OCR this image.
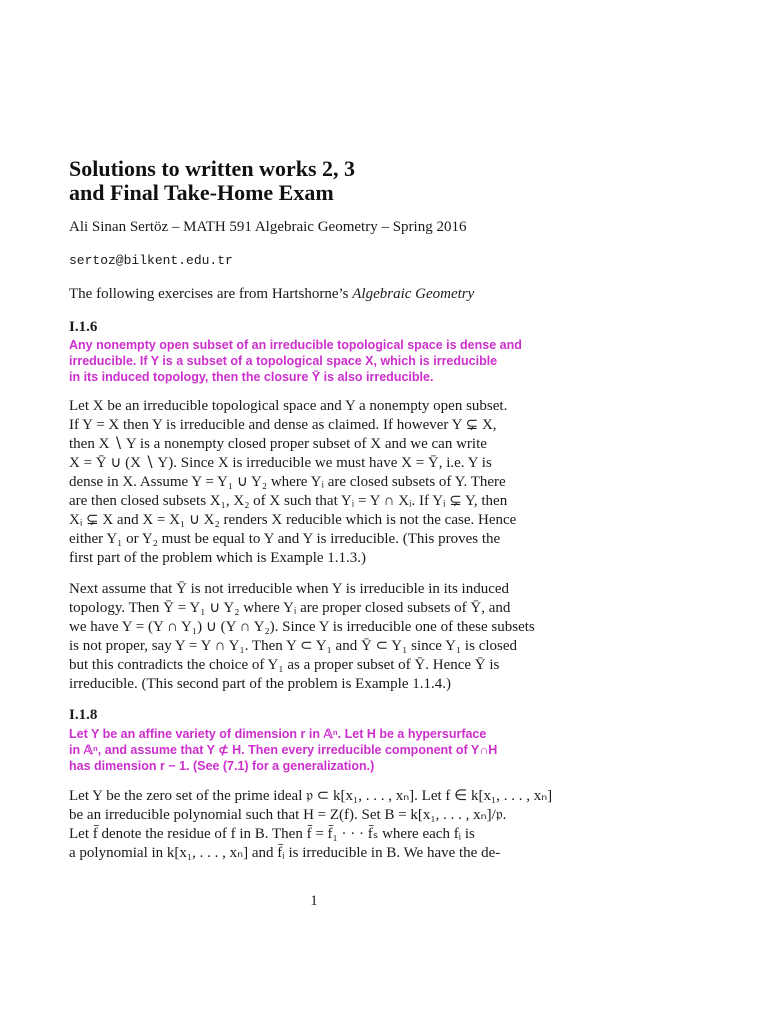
Solutions to written works 2, 3
and Final Take-Home Exam
Ali Sinan Sertöz – MATH 591 Algebraic Geometry – Spring 2016
sertoz@bilkent.edu.tr
The following exercises are from Hartshorne’s Algebraic Geometry
I.1.6
Any nonempty open subset of an irreducible topological space is dense and
irreducible. If Y is a subset of a topological space X, which is irreducible
in its induced topology, then the closure Ȳ is also irreducible.
Let X be an irreducible topological space and Y a nonempty open subset.
If Y = X then Y is irreducible and dense as claimed. If however Y ⊊ X,
then X ∖ Y is a nonempty closed proper subset of X and we can write
X = Ȳ ∪ (X ∖ Y). Since X is irreducible we must have X = Ȳ, i.e. Y is
dense in X. Assume Y = Y₁ ∪ Y₂ where Yᵢ are closed subsets of Y. There
are then closed subsets X₁, X₂ of X such that Yᵢ = Y ∩ Xᵢ. If Yᵢ ⊊ Y, then
Xᵢ ⊊ X and X = X₁ ∪ X₂ renders X reducible which is not the case. Hence
either Y₁ or Y₂ must be equal to Y and Y is irreducible. (This proves the
first part of the problem which is Example 1.1.3.)
Next assume that Ȳ is not irreducible when Y is irreducible in its induced
topology. Then Ȳ = Y₁ ∪ Y₂ where Yᵢ are proper closed subsets of Ȳ, and
we have Y = (Y ∩ Y₁) ∪ (Y ∩ Y₂). Since Y is irreducible one of these subsets
is not proper, say Y = Y ∩ Y₁. Then Y ⊂ Y₁ and Ȳ ⊂ Y₁ since Y₁ is closed
but this contradicts the choice of Y₁ as a proper subset of Ȳ. Hence Ȳ is
irreducible. (This second part of the problem is Example 1.1.4.)
I.1.8
Let Y be an affine variety of dimension r in 𝔸ⁿ. Let H be a hypersurface
in 𝔸ⁿ, and assume that Y ⊄ H. Then every irreducible component of Y∩H
has dimension r − 1. (See (7.1) for a generalization.)
Let Y be the zero set of the prime ideal 𝔭 ⊂ k[x₁, . . . , xₙ]. Let f ∈ k[x₁, . . . , xₙ]
be an irreducible polynomial such that H = Z(f). Set B = k[x₁, . . . , xₙ]/𝔭.
Let f̄ denote the residue of f in B. Then f̄ = f̄₁ · · · f̄ₛ where each fᵢ is
a polynomial in k[x₁, . . . , xₙ] and f̄ᵢ is irreducible in B. We have the de-
1
